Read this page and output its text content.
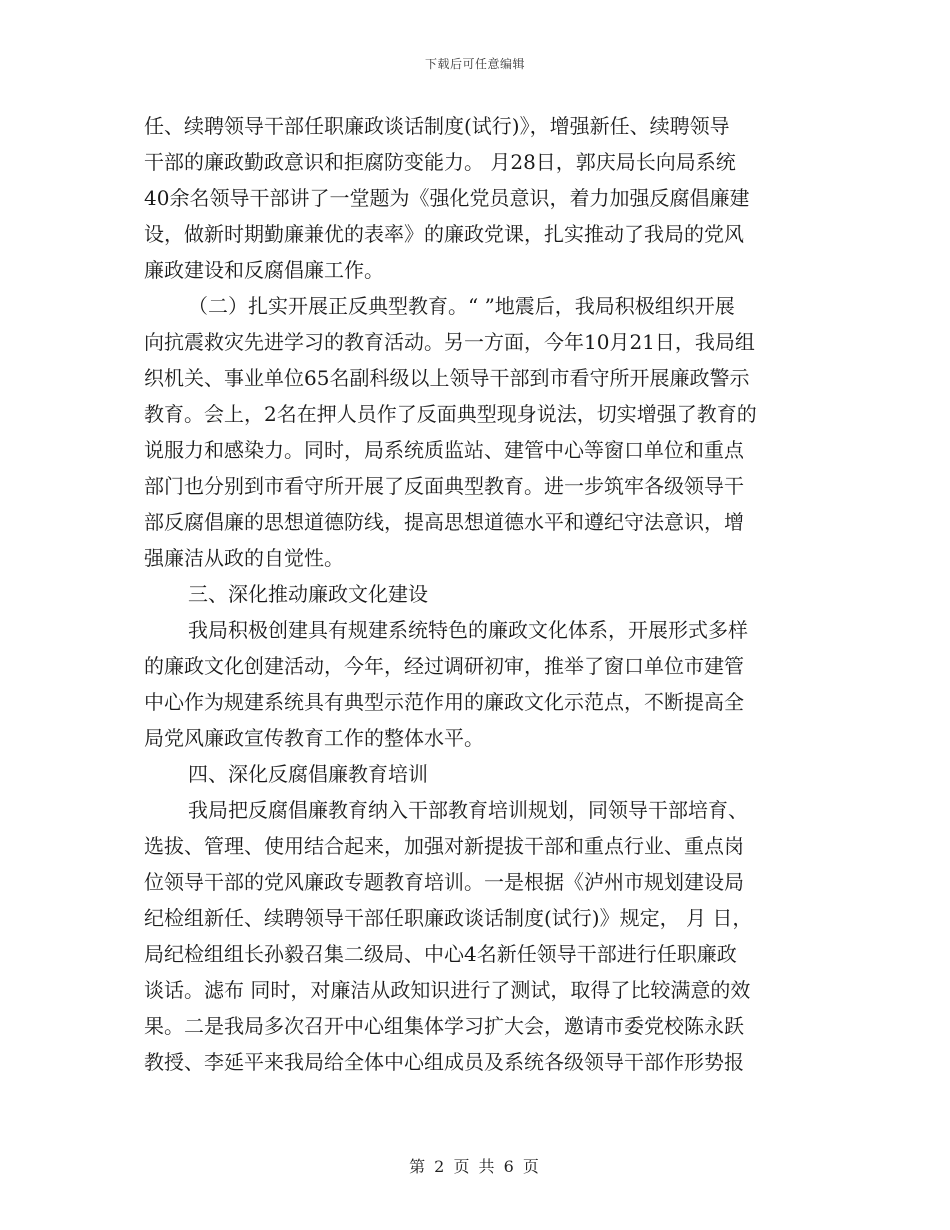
下载后可任意编辑
任、续聘领导干部任职廉政谈话制度(试行)》，增强新任、续聘领导
干部的廉政勤政意识和拒腐防变能力。 月28日，郭庆局长向局系统
40余名领导干部讲了一堂题为《强化党员意识，着力加强反腐倡廉建
设，做新时期勤廉兼优的表率》的廉政党课，扎实推动了我局的党风
廉政建设和反腐倡廉工作。
（二）扎实开展正反典型教育。“ ”地震后，我局积极组织开展
向抗震救灾先进学习的教育活动。另一方面，今年10月21日，我局组
织机关、事业单位65名副科级以上领导干部到市看守所开展廉政警示
教育。会上，2名在押人员作了反面典型现身说法，切实增强了教育的
说服力和感染力。同时，局系统质监站、建管中心等窗口单位和重点
部门也分别到市看守所开展了反面典型教育。进一步筑牢各级领导干
部反腐倡廉的思想道德防线，提高思想道德水平和遵纪守法意识，增
强廉洁从政的自觉性。
三、深化推动廉政文化建设
我局积极创建具有规建系统特色的廉政文化体系，开展形式多样
的廉政文化创建活动，今年，经过调研初审，推举了窗口单位市建管
中心作为规建系统具有典型示范作用的廉政文化示范点，不断提高全
局党风廉政宣传教育工作的整体水平。
四、深化反腐倡廉教育培训
我局把反腐倡廉教育纳入干部教育培训规划，同领导干部培育、
选拔、管理、使用结合起来，加强对新提拔干部和重点行业、重点岗
位领导干部的党风廉政专题教育培训。一是根据《泸州市规划建设局
纪检组新任、续聘领导干部任职廉政谈话制度(试行)》规定， 月 日，
局纪检组组长孙毅召集二级局、中心4名新任领导干部进行任职廉政
谈话。滤布 同时，对廉洁从政知识进行了测试，取得了比较满意的效
果。二是我局多次召开中心组集体学习扩大会，邀请市委党校陈永跃
教授、李延平来我局给全体中心组成员及系统各级领导干部作形势报
第 2 页 共 6 页
